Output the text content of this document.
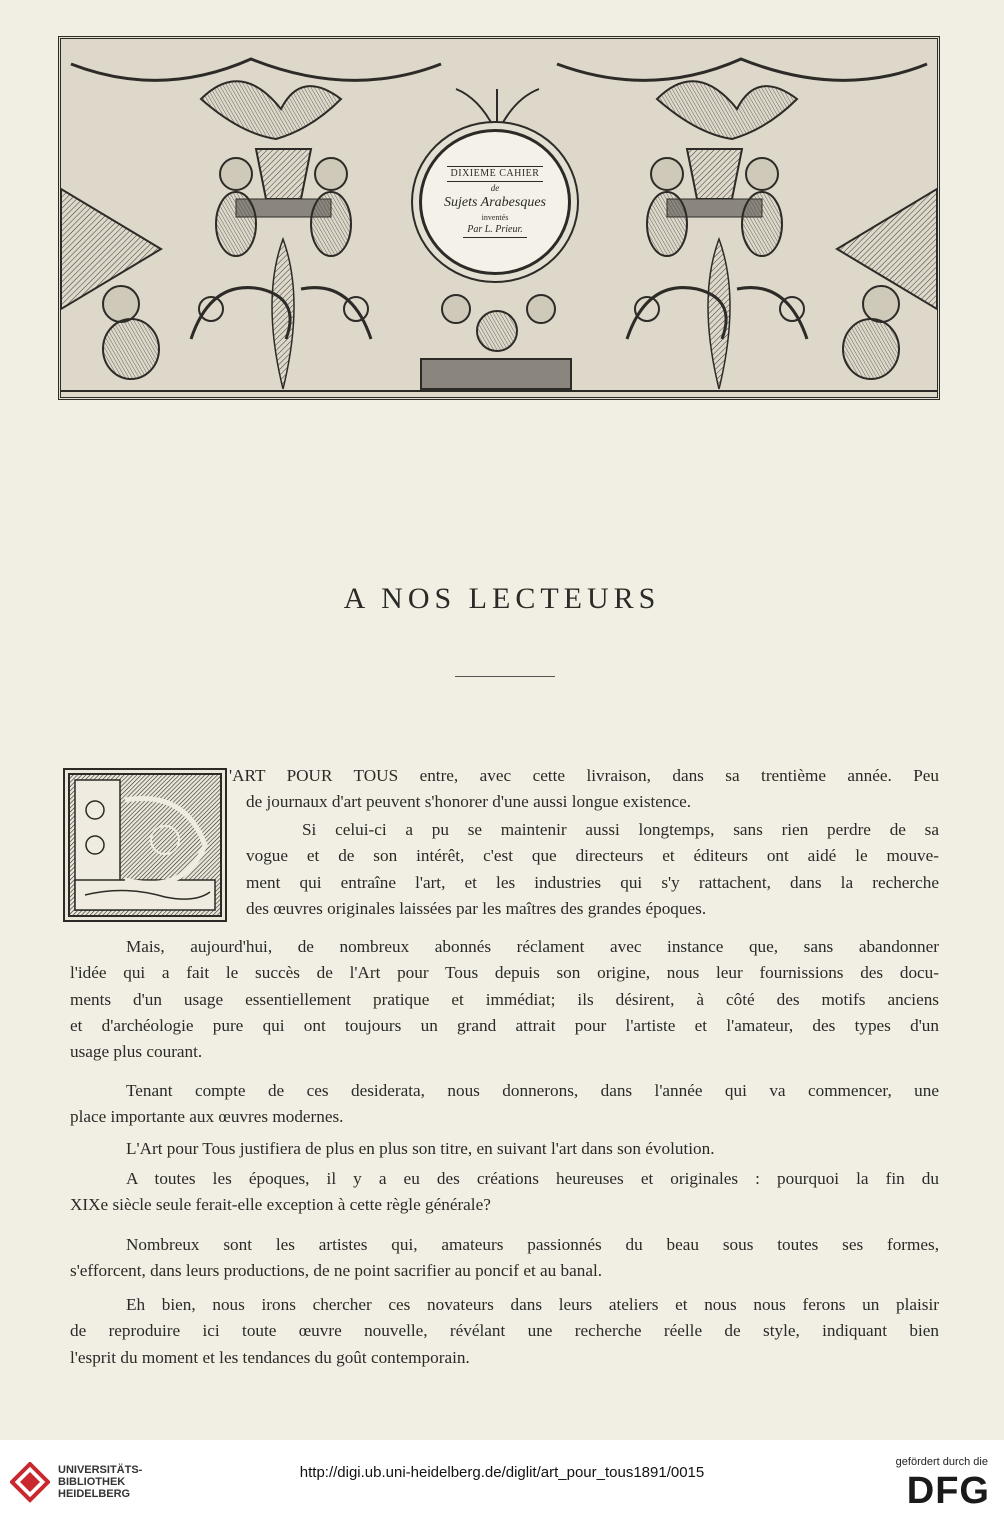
DIXIEME CAHIER
de
Sujets Arabesques
inventés
Par L. Prieur.
A NOS LECTEURS
'ART POUR TOUS entre, avec cette livraison, dans sa trentième année. Peu
de journaux d'art peuvent s'honorer d'une aussi longue existence.
Si celui-ci a pu se maintenir aussi longtemps, sans rien perdre de sa
vogue et de son intérêt, c'est que directeurs et éditeurs ont aidé le mouve-
ment qui entraîne l'art, et les industries qui s'y rattachent, dans la recherche
des œuvres originales laissées par les maîtres des grandes époques.
Mais, aujourd'hui, de nombreux abonnés réclament avec instance que, sans abandonner
l'idée qui a fait le succès de l'Art pour Tous depuis son origine, nous leur fournissions des docu-
ments d'un usage essentiellement pratique et immédiat; ils désirent, à côté des motifs anciens
et d'archéologie pure qui ont toujours un grand attrait pour l'artiste et l'amateur, des types d'un
usage plus courant.
Tenant compte de ces desiderata, nous donnerons, dans l'année qui va commencer, une
place importante aux œuvres modernes.
L'Art pour Tous justifiera de plus en plus son titre, en suivant l'art dans son évolution.
A toutes les époques, il y a eu des créations heureuses et originales : pourquoi la fin du
XIXe siècle seule ferait-elle exception à cette règle générale?
Nombreux sont les artistes qui, amateurs passionnés du beau sous toutes ses formes,
s'efforcent, dans leurs productions, de ne point sacrifier au poncif et au banal.
Eh bien, nous irons chercher ces novateurs dans leurs ateliers et nous nous ferons un plaisir
de reproduire ici toute œuvre nouvelle, révélant une recherche réelle de style, indiquant bien
l'esprit du moment et les tendances du goût contemporain.
UNIVERSITÄTS-
BIBLIOTHEK
HEIDELBERG
http://digi.ub.uni-heidelberg.de/diglit/art_pour_tous1891/0015
gefördert durch die
DFG
